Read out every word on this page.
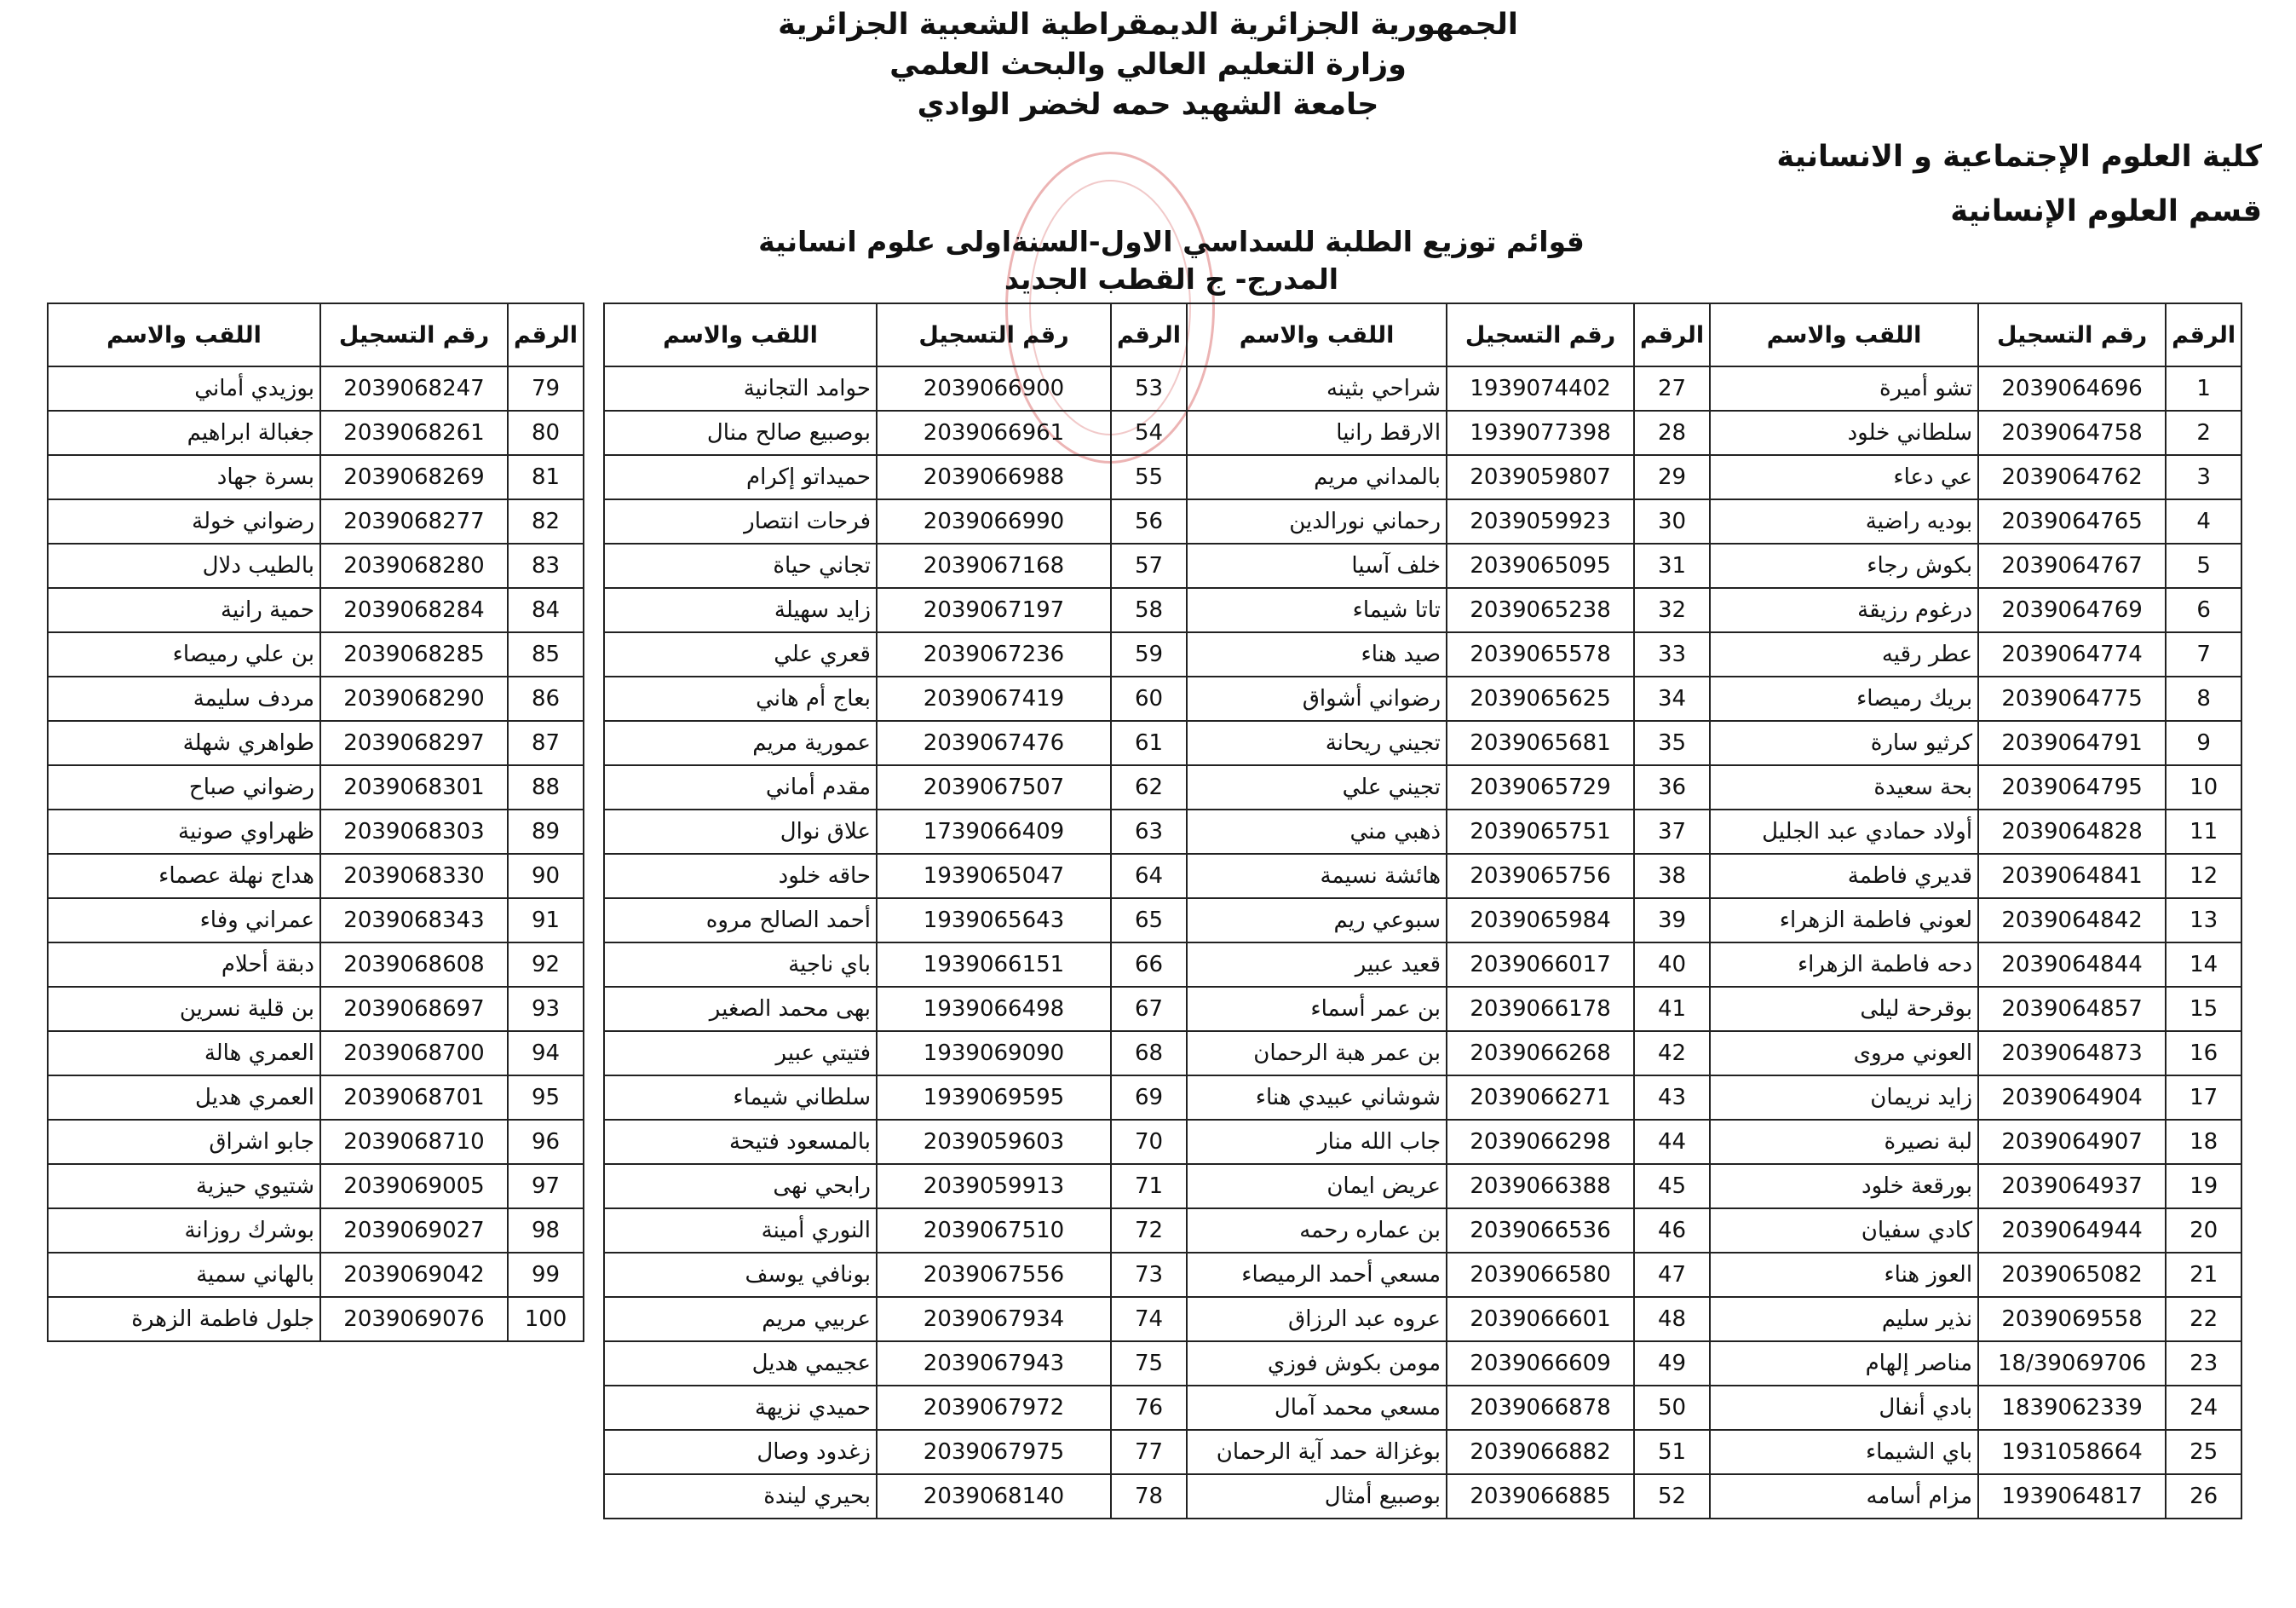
الجمهورية الجزائرية الديمقراطية الشعبية الجزائرية
وزارة التعليم العالي والبحث العلمي
جامعة الشهيد حمه لخضر الوادي
كلية العلوم الإجتماعية و الانسانية
قسم العلوم الإنسانية
قوائم توزيع الطلبة للسداسي الاول-السنةاولى علوم انسانية
المدرج- ج القطب الجديد
الرقم	رقم التسجيل	اللقب والاسم	الرقم	رقم التسجيل	اللقب والاسم	الرقم	رقم التسجيل	اللقب والاسم
1	2039064696	تشو أميرة	27	1939074402	شراحي بثينه	53	2039066900	حوامد التجانية
2	2039064758	سلطاني خلود	28	1939077398	الارقط رانيا	54	2039066961	بوصبيع صالح منال
3	2039064762	عي دعاء	29	2039059807	بالمداني مريم	55	2039066988	حميداتو إكرام
4	2039064765	بوديه راضية	30	2039059923	رحماني نورالدين	56	2039066990	فرحات انتصار
5	2039064767	بكوش رجاء	31	2039065095	خلف آسيا	57	2039067168	تجاني حياة
6	2039064769	درغوم رزيقة	32	2039065238	تاتا شيماء	58	2039067197	زايد سهيلة
7	2039064774	عطر رقيه	33	2039065578	صيد هناء	59	2039067236	قعري علي
8	2039064775	بريك رميصاء	34	2039065625	رضواني أشواق	60	2039067419	بعاج أم هاني
9	2039064791	كرثيو سارة	35	2039065681	تجيني ريحانة	61	2039067476	عمورية مريم
10	2039064795	بحة سعيدة	36	2039065729	تجيني علي	62	2039067507	مقدم أماني
11	2039064828	أولاد حمادي عبد الجليل	37	2039065751	ذهبي مني	63	1739066409	علاق نوال
12	2039064841	قديري فاطمة	38	2039065756	هائشة نسيمة	64	1939065047	حاقه خلود
13	2039064842	لعوني فاطمة الزهراء	39	2039065984	سبوعي ريم	65	1939065643	أحمد الصالح مروه
14	2039064844	دحه فاطمة الزهراء	40	2039066017	قعيد عبير	66	1939066151	باي ناجية
15	2039064857	بوقرحة ليلى	41	2039066178	بن عمر أسماء	67	1939066498	بهى محمد الصغير
16	2039064873	العوني مروى	42	2039066268	بن عمر هبة الرحمان	68	1939069090	فتيتي عبير
17	2039064904	زايد نريمان	43	2039066271	شوشاني عبيدي هناء	69	1939069595	سلطاني شيماء
18	2039064907	لبة نصيرة	44	2039066298	جاب الله منار	70	2039059603	بالمسعود فتيحة
19	2039064937	بورقعة خلود	45	2039066388	عريض ايمان	71	2039059913	رابحي نهى
20	2039064944	كادي سفيان	46	2039066536	بن عماره رحمه	72	2039067510	النوري أمينة
21	2039065082	العوز هناء	47	2039066580	مسعي أحمد الرميصاء	73	2039067556	بونافي يوسف
22	2039069558	نذير سليم	48	2039066601	عروه عبد الرزاق	74	2039067934	عربيي مريم
23	18/39069706	مناصر إلهام	49	2039066609	مومن بكوش فوزي	75	2039067943	عجيمي هديل
24	1839062339	بادي أنفال	50	2039066878	مسعي محمد آمال	76	2039067972	حميدي نزيهة
25	1931058664	باي الشيماء	51	2039066882	بوغزالة حمد آية الرحمان	77	2039067975	زغدود وصال
26	1939064817	مزام أسامه	52	2039066885	بوصبيع أمثال	78	2039068140	بحيري ليندة
الرقم	رقم التسجيل	اللقب والاسم
79	2039068247	بوزيدي أماني
80	2039068261	جغبالة ابراهيم
81	2039068269	بسرة جهاد
82	2039068277	رضواني خولة
83	2039068280	بالطيب دلال
84	2039068284	حمية رانية
85	2039068285	بن علي رميصاء
86	2039068290	مردف سليمة
87	2039068297	طواهري شهلة
88	2039068301	رضواني صباح
89	2039068303	ظهراوي صونية
90	2039068330	هداج نهلة عصماء
91	2039068343	عمراني وفاء
92	2039068608	دبقة أحلام
93	2039068697	بن قلية نسرين
94	2039068700	العمري هالة
95	2039068701	العمري هديل
96	2039068710	جابو اشراق
97	2039069005	شتيوي حيزية
98	2039069027	بوشرك روزانة
99	2039069042	بالهاني سمية
100	2039069076	جلول فاطمة الزهرة
